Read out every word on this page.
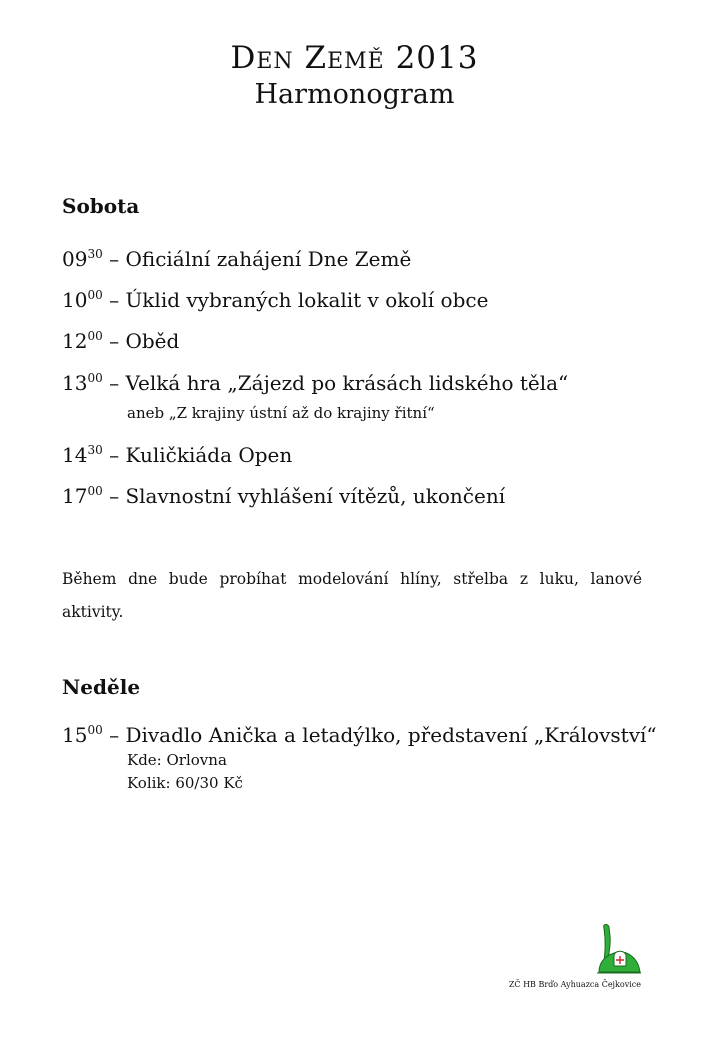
Den Země 2013
Harmonogram
Sobota
$09^{30}$ – Oficiální zahájení Dne Země
$10^{00}$ – Úklid vybraných lokalit v okolí obce
$12^{00}$ – Oběd
$13^{00}$ – Velká hra „Zájezd po krásách lidského těla“
aneb „Z krajiny ústní až do krajiny řitní“
$14^{30}$ – Kuličkiáda Open
$17^{00}$ – Slavnostní vyhlášení vítězů, ukončení
Během dne bude probíhat modelování hlíny, střelba z luku, lanové aktivity.
Neděle
$15^{00}$ – Divadlo Anička a letadýlko, představení „Království“
Kde: Orlovna
Kolik: 60/30 Kč
ZČ HB Brďo Ayhuazca Čejkovice
